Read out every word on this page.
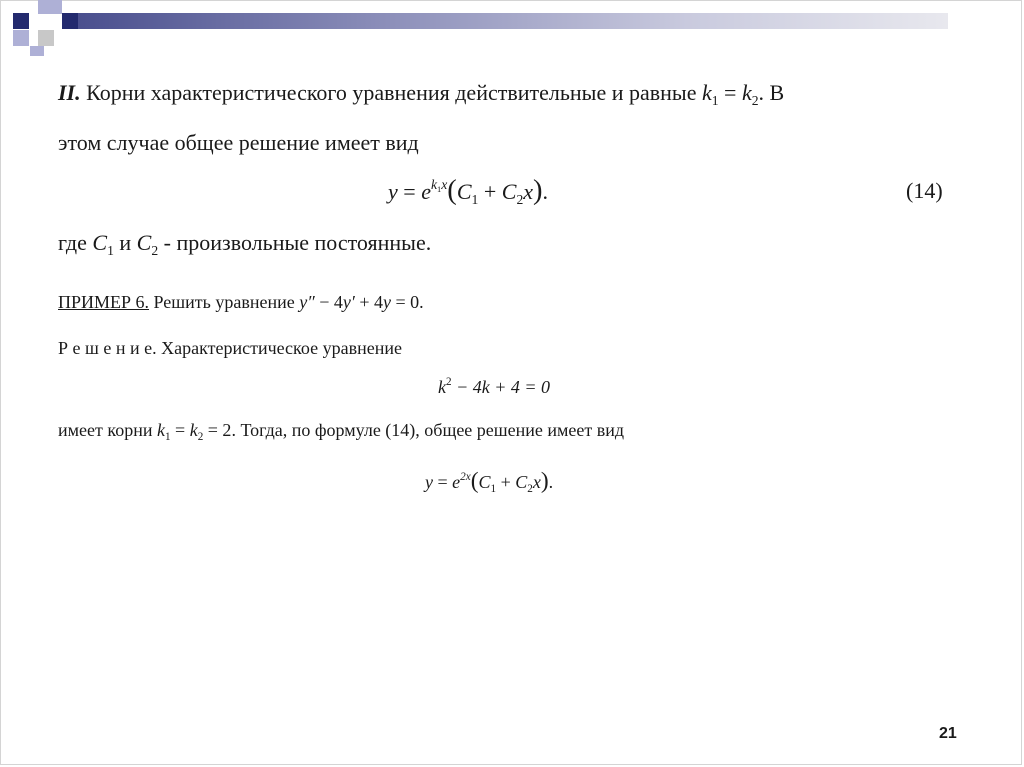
II. Корни характеристического уравнения действительные и равные $k_1 = k_2$. В
этом случае общее решение имеет вид
$y = e^{k_1x}(C_1 + C_2x)$.	(14)
где $C_1$ и $C_2$ - произвольные постоянные.
ПРИМЕР 6. Решить уравнение y″ − 4y′ + 4y = 0.
Р е ш е н и е. Характеристическое уравнение
$k^2 - 4k + 4 = 0$
имеет корни $k_1 = k_2 = 2$. Тогда, по формуле (14), общее решение имеет вид
$y = e^{2x}(C_1 + C_2x)$.
21
